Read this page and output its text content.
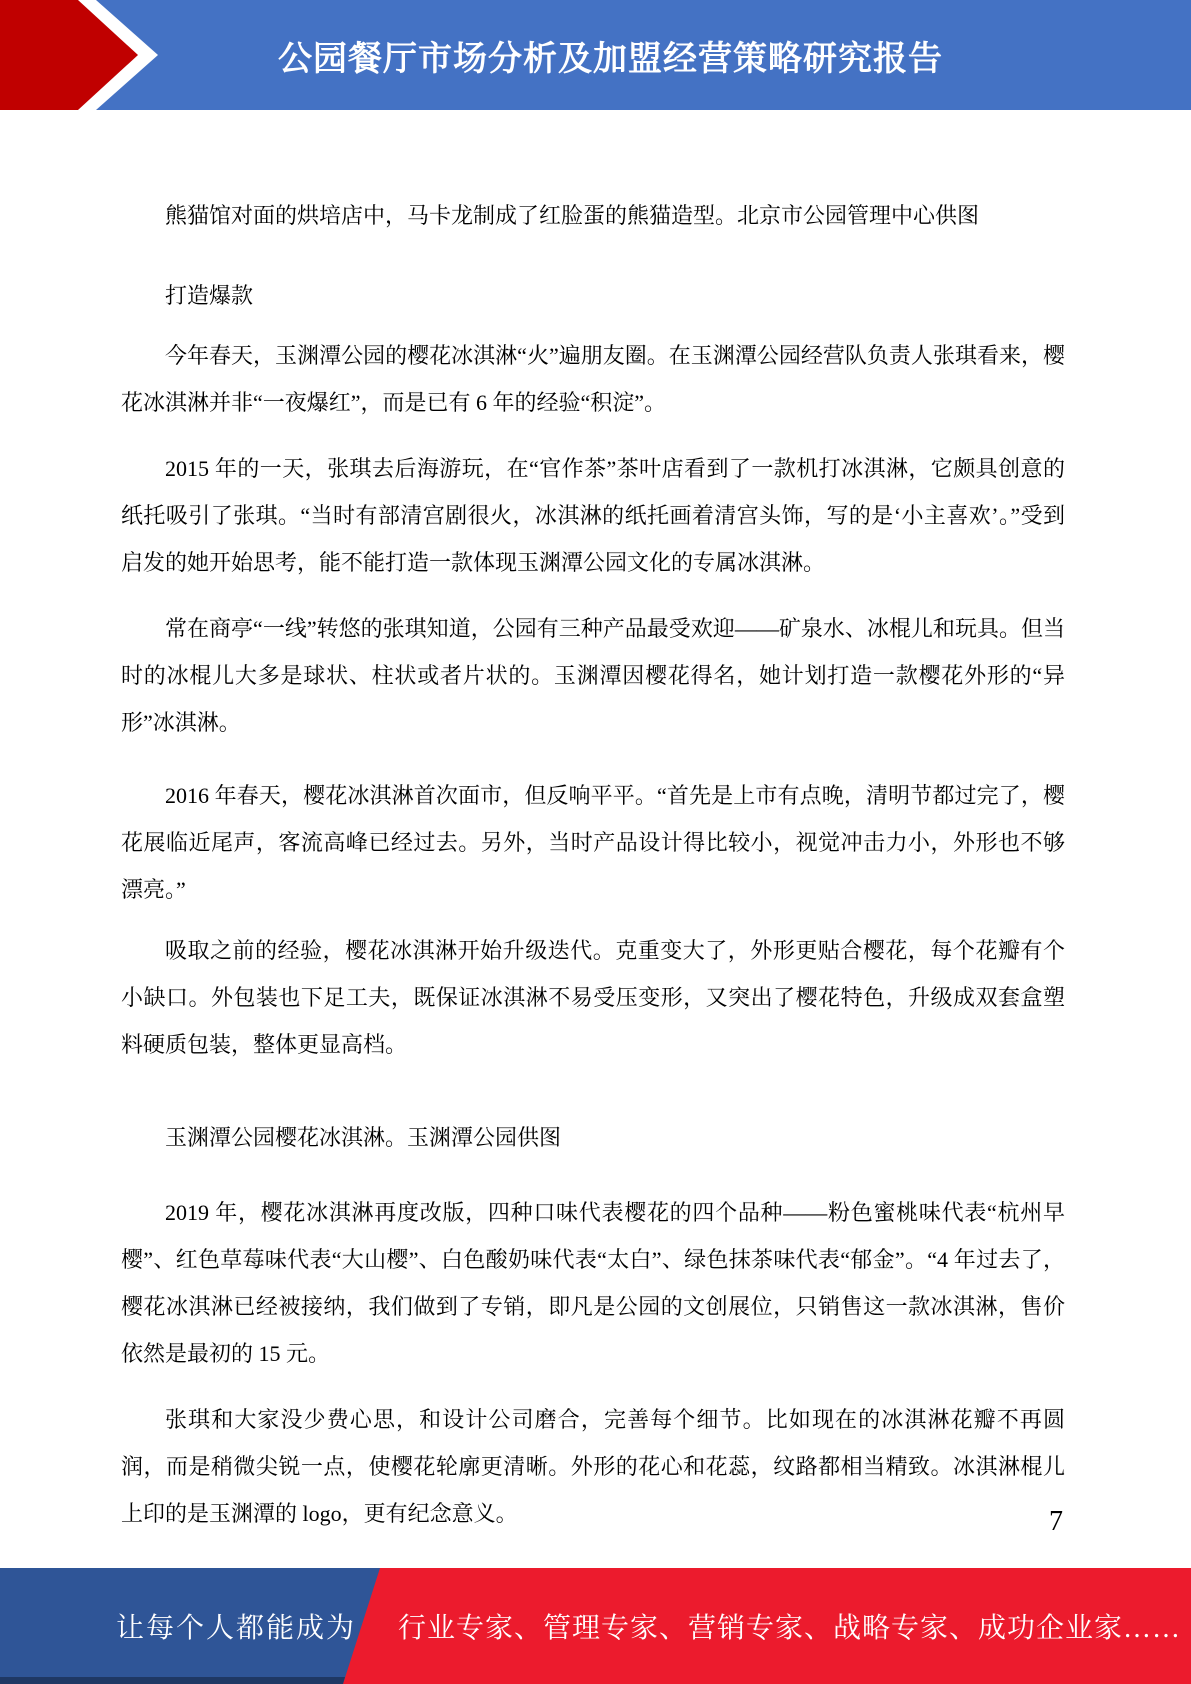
公园餐厅市场分析及加盟经营策略研究报告

熊猫馆对面的烘培店中，马卡龙制成了红脸蛋的熊猫造型。北京市公园管理中心供图

打造爆款

今年春天，玉渊潭公园的樱花冰淇淋“火”遍朋友圈。在玉渊潭公园经营队负责人张琪看来，樱花冰淇淋并非“一夜爆红”，而是已有 6 年的经验“积淀”。

2015 年的一天，张琪去后海游玩，在“官作茶”茶叶店看到了一款机打冰淇淋，它颇具创意的纸托吸引了张琪。“当时有部清宫剧很火，冰淇淋的纸托画着清宫头饰，写的是‘小主喜欢’。”受到启发的她开始思考，能不能打造一款体现玉渊潭公园文化的专属冰淇淋。

常在商亭“一线”转悠的张琪知道，公园有三种产品最受欢迎——矿泉水、冰棍儿和玩具。但当时的冰棍儿大多是球状、柱状或者片状的。玉渊潭因樱花得名，她计划打造一款樱花外形的“异形”冰淇淋。

2016 年春天，樱花冰淇淋首次面市，但反响平平。“首先是上市有点晚，清明节都过完了，樱花展临近尾声，客流高峰已经过去。另外，当时产品设计得比较小，视觉冲击力小，外形也不够漂亮。”

吸取之前的经验，樱花冰淇淋开始升级迭代。克重变大了，外形更贴合樱花，每个花瓣有个小缺口。外包装也下足工夫，既保证冰淇淋不易受压变形，又突出了樱花特色，升级成双套盒塑料硬质包装，整体更显高档。

玉渊潭公园樱花冰淇淋。玉渊潭公园供图

2019 年，樱花冰淇淋再度改版，四种口味代表樱花的四个品种——粉色蜜桃味代表“杭州早樱”、红色草莓味代表“大山樱”、白色酸奶味代表“太白”、绿色抹茶味代表“郁金”。“4 年过去了，樱花冰淇淋已经被接纳，我们做到了专销，即凡是公园的文创展位，只销售这一款冰淇淋，售价依然是最初的 15 元。

张琪和大家没少费心思，和设计公司磨合，完善每个细节。比如现在的冰淇淋花瓣不再圆润，而是稍微尖锐一点，使樱花轮廓更清晰。外形的花心和花蕊，纹路都相当精致。冰淇淋棍儿上印的是玉渊潭的 logo，更有纪念意义。	7
让每个人都能成为 行业专家、管理专家、营销专家、战略专家、成功企业家……
